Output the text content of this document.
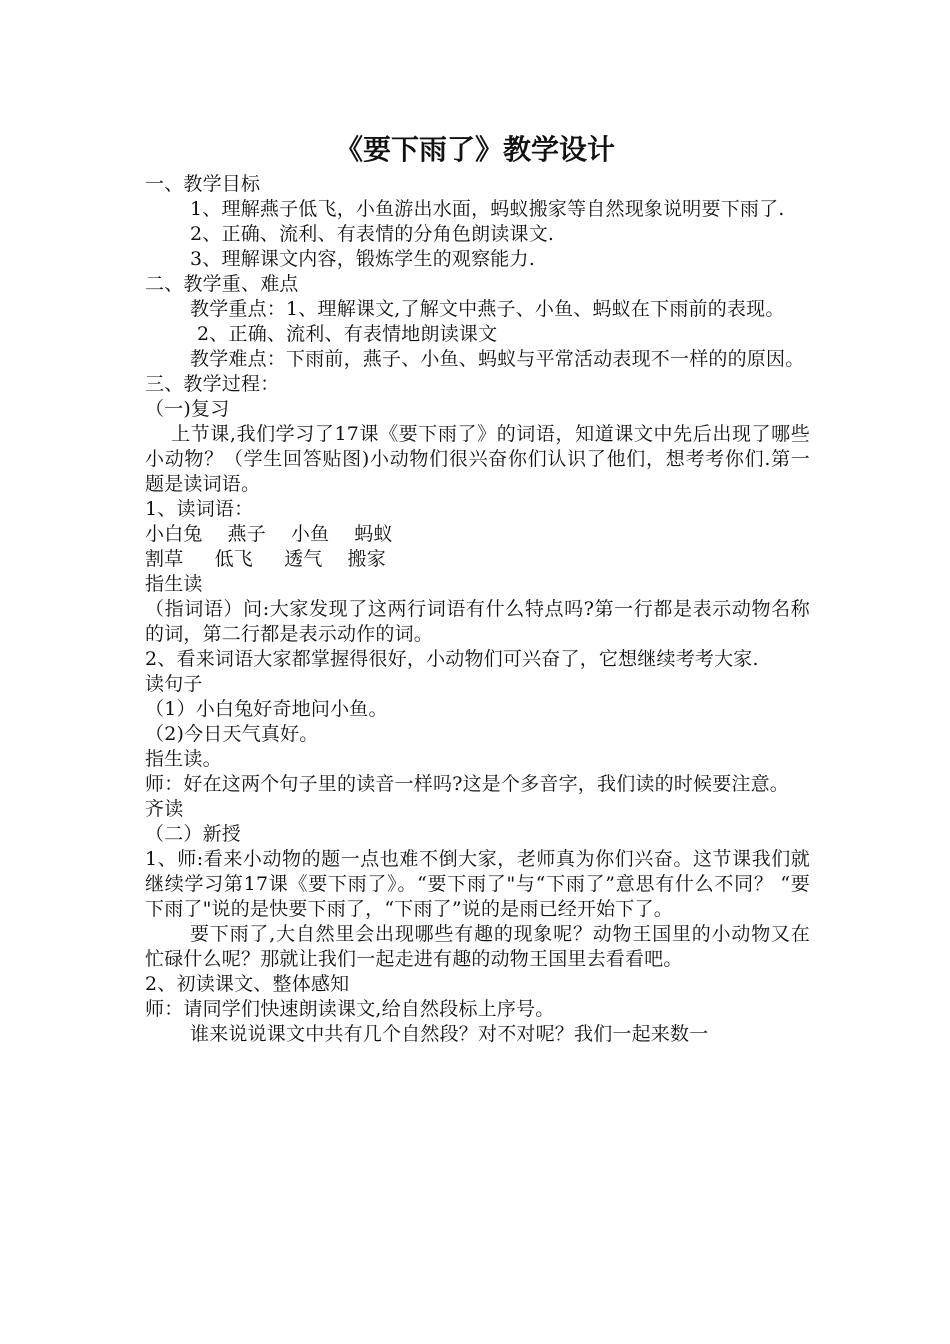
《要下雨了》教学设计

一、教学目标

1、理解燕子低飞，小鱼游出水面，蚂蚁搬家等自然现象说明要下雨了.

2、正确、流利、有表情的分角色朗读课文.

3、理解课文内容，锻炼学生的观察能力.

二、教学重、难点

教学重点：1、理解课文,了解文中燕子、小鱼、蚂蚁在下雨前的表现。

2、正确、流利、有表情地朗读课文

教学难点：下雨前，燕子、小鱼、蚂蚁与平常活动表现不一样的的原因。

三、教学过程：

（一)复习

上节课,我们学习了17课《要下雨了》的词语，知道课文中先后出现了哪些小动物？（学生回答贴图)小动物们很兴奋你们认识了他们，想考考你们.第一题是读词语。

1、读词语：

小白兔    燕子    小鱼    蚂蚁

割草     低飞     透气    搬家

指生读

（指词语）问:大家发现了这两行词语有什么特点吗?第一行都是表示动物名称的词，第二行都是表示动作的词。

2、看来词语大家都掌握得很好，小动物们可兴奋了，它想继续考考大家.

读句子

（1）小白兔好奇地问小鱼。

（2)今日天气真好。

指生读。

师：好在这两个句子里的读音一样吗?这是个多音字，我们读的时候要注意。

齐读

（二）新授

1、师:看来小动物的题一点也难不倒大家，老师真为你们兴奋。这节课我们就继续学习第17课《要下雨了》。“要下雨了"与“下雨了”意思有什么不同？ “要下雨了"说的是快要下雨了，“下雨了”说的是雨已经开始下了。

要下雨了,大自然里会出现哪些有趣的现象呢？动物王国里的小动物又在忙碌什么呢？那就让我们一起走进有趣的动物王国里去看看吧。

2、初读课文、整体感知

师：请同学们快速朗读课文,给自然段标上序号。

谁来说说课文中共有几个自然段？对不对呢？我们一起来数一
